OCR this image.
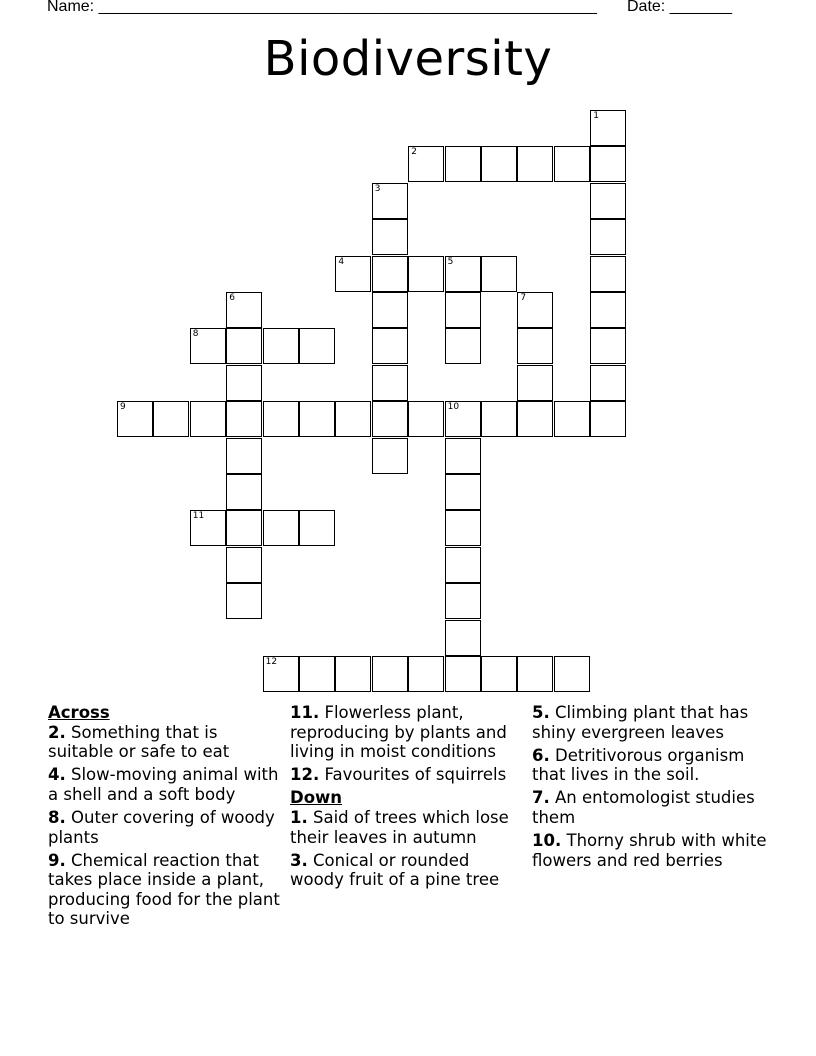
Name: ________________________________________________________ Date: _______
Biodiversity
1
2
3
4	5
6	7
8
9	10
11
12
Across
2. Something that is suitable or safe to eat
4. Slow-moving animal with a shell and a soft body
8. Outer covering of woody plants
9. Chemical reaction that takes place inside a plant, producing food for the plant to survive
11. Flowerless plant, reproducing by plants and living in moist conditions
12. Favourites of squirrels
Down
1. Said of trees which lose their leaves in autumn
3. Conical or rounded woody fruit of a pine tree
5. Climbing plant that has shiny evergreen leaves
6. Detritivorous organism that lives in the soil.
7. An entomologist studies them
10. Thorny shrub with white flowers and red berries
